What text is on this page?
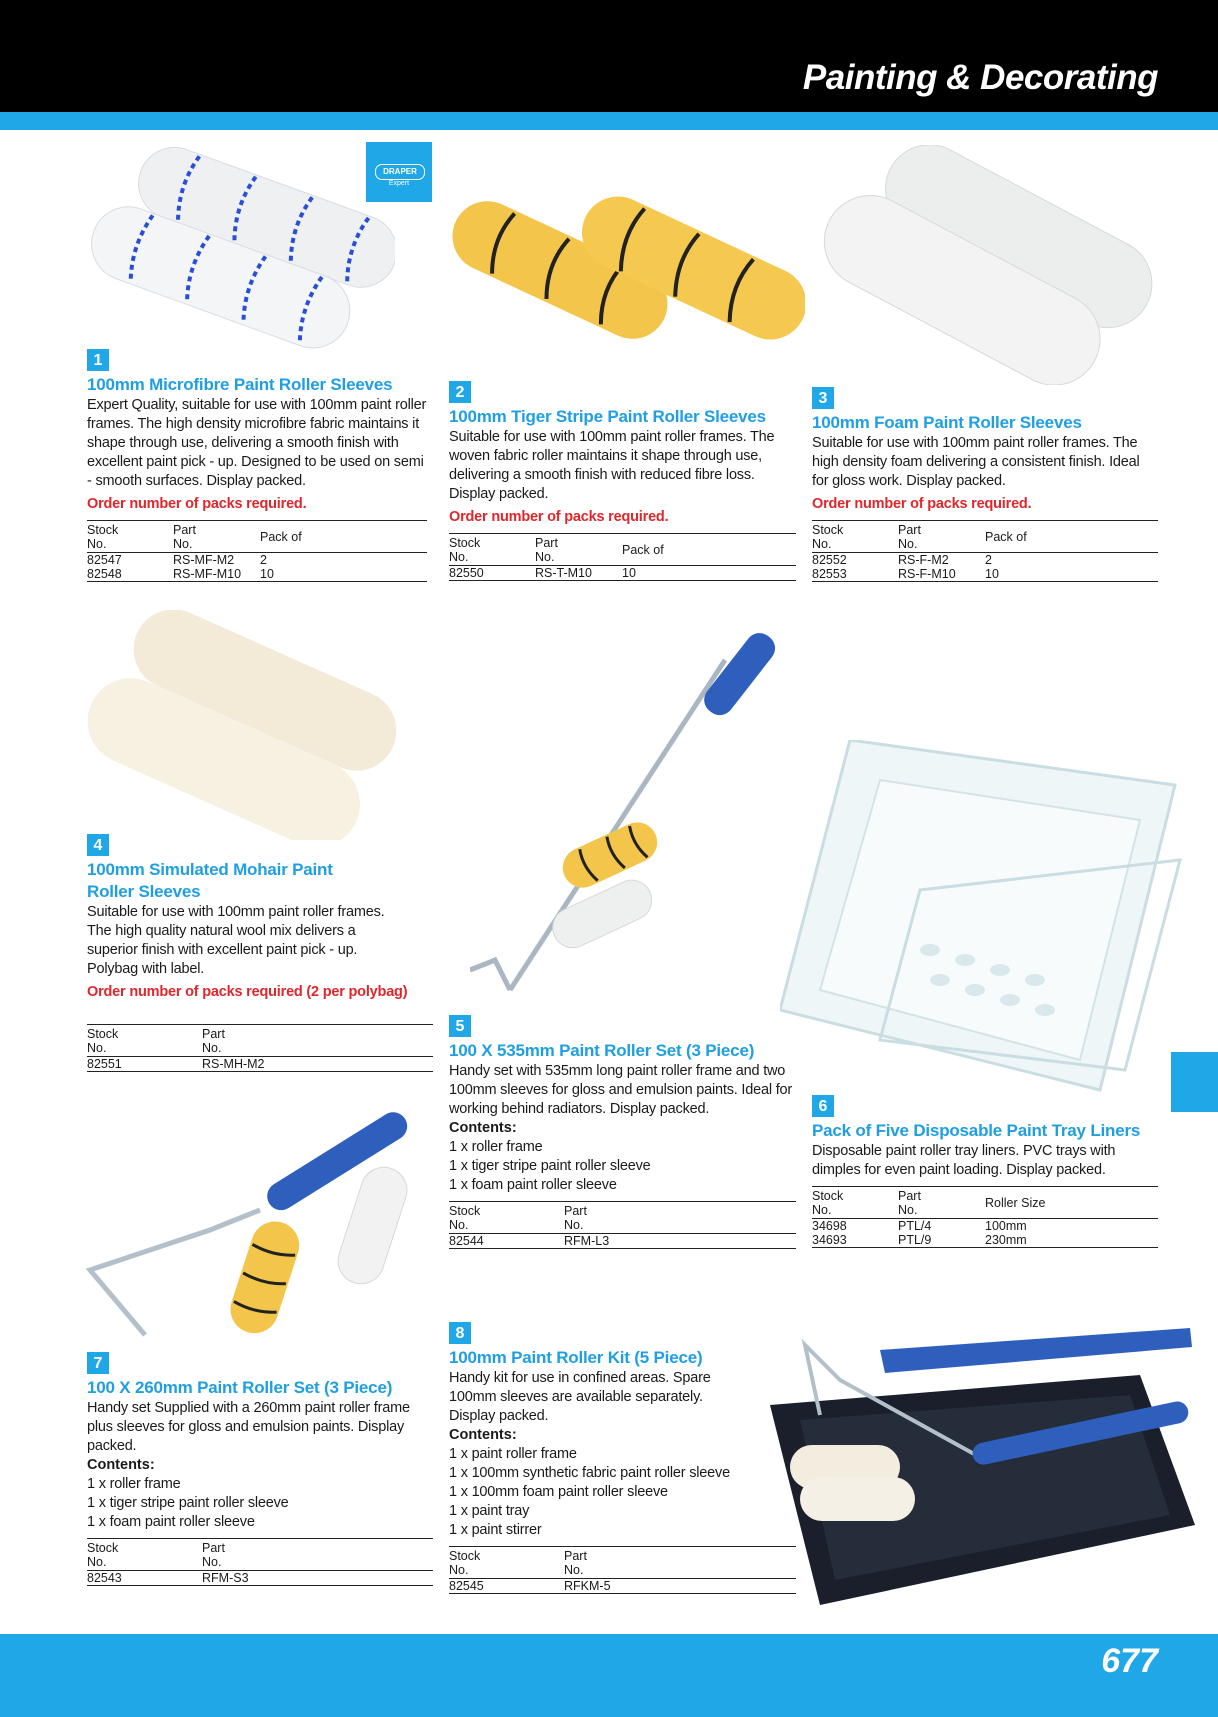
Painting & Decorating
677
DRAPER
Expert
1
100mm Microfibre Paint Roller Sleeves
Expert Quality, suitable for use with 100mm paint roller frames. The high density microfibre fabric maintains it shape through use, delivering a smooth finish with excellent paint pick - up. Designed to be used on semi - smooth surfaces. Display packed.
Order number of packs required.
Stock
No.	Part
No.	Pack of
82547	RS-MF-M2	2
82548	RS-MF-M10	10
2
100mm Tiger Stripe Paint Roller Sleeves
Suitable for use with 100mm paint roller frames. The woven fabric roller maintains it shape through use, delivering a smooth finish with reduced fibre loss. Display packed.
Order number of packs required.
Stock
No.	Part
No.	Pack of
82550	RS-T-M10	10
3
100mm Foam Paint Roller Sleeves
Suitable for use with 100mm paint roller frames. The high density foam delivering a consistent finish. Ideal for gloss work. Display packed.
Order number of packs required.
Stock
No.	Part
No.	Pack of
82552	RS-F-M2	2
82553	RS-F-M10	10
4
100mm Simulated Mohair Paint Roller Sleeves
Suitable for use with 100mm paint roller frames. The high quality natural wool mix delivers a superior finish with excellent paint pick - up. Polybag with label.
Order number of packs required (2 per polybag)
Stock
No.	Part
No.
82551	RS-MH-M2
5
100 X 535mm Paint Roller Set (3 Piece)
Handy set with 535mm long paint roller frame and two 100mm sleeves for gloss and emulsion paints. Ideal for working behind radiators. Display packed.
Contents:
1 x roller frame
1 x tiger stripe paint roller sleeve
1 x foam paint roller sleeve
Stock
No.	Part
No.
82544	RFM-L3
6
Pack of Five Disposable Paint Tray Liners
Disposable paint roller tray liners. PVC trays with dimples for even paint loading. Display packed.
Stock
No.	Part
No.	Roller Size
34698	PTL/4	100mm
34693	PTL/9	230mm
7
100 X 260mm Paint Roller Set (3 Piece)
Handy set Supplied with a 260mm paint roller frame plus sleeves for gloss and emulsion paints. Display packed.
Contents:
1 x roller frame
1 x tiger stripe paint roller sleeve
1 x foam paint roller sleeve
Stock
No.	Part
No.
82543	RFM-S3
8
100mm Paint Roller Kit (5 Piece)
Handy kit for use in confined areas. Spare 100mm sleeves are available separately. Display packed.
Contents:
1 x paint roller frame
1 x 100mm synthetic fabric paint roller sleeve
1 x 100mm foam paint roller sleeve
1 x paint tray
1 x paint stirrer
Stock
No.	Part
No.
82545	RFKM-5
